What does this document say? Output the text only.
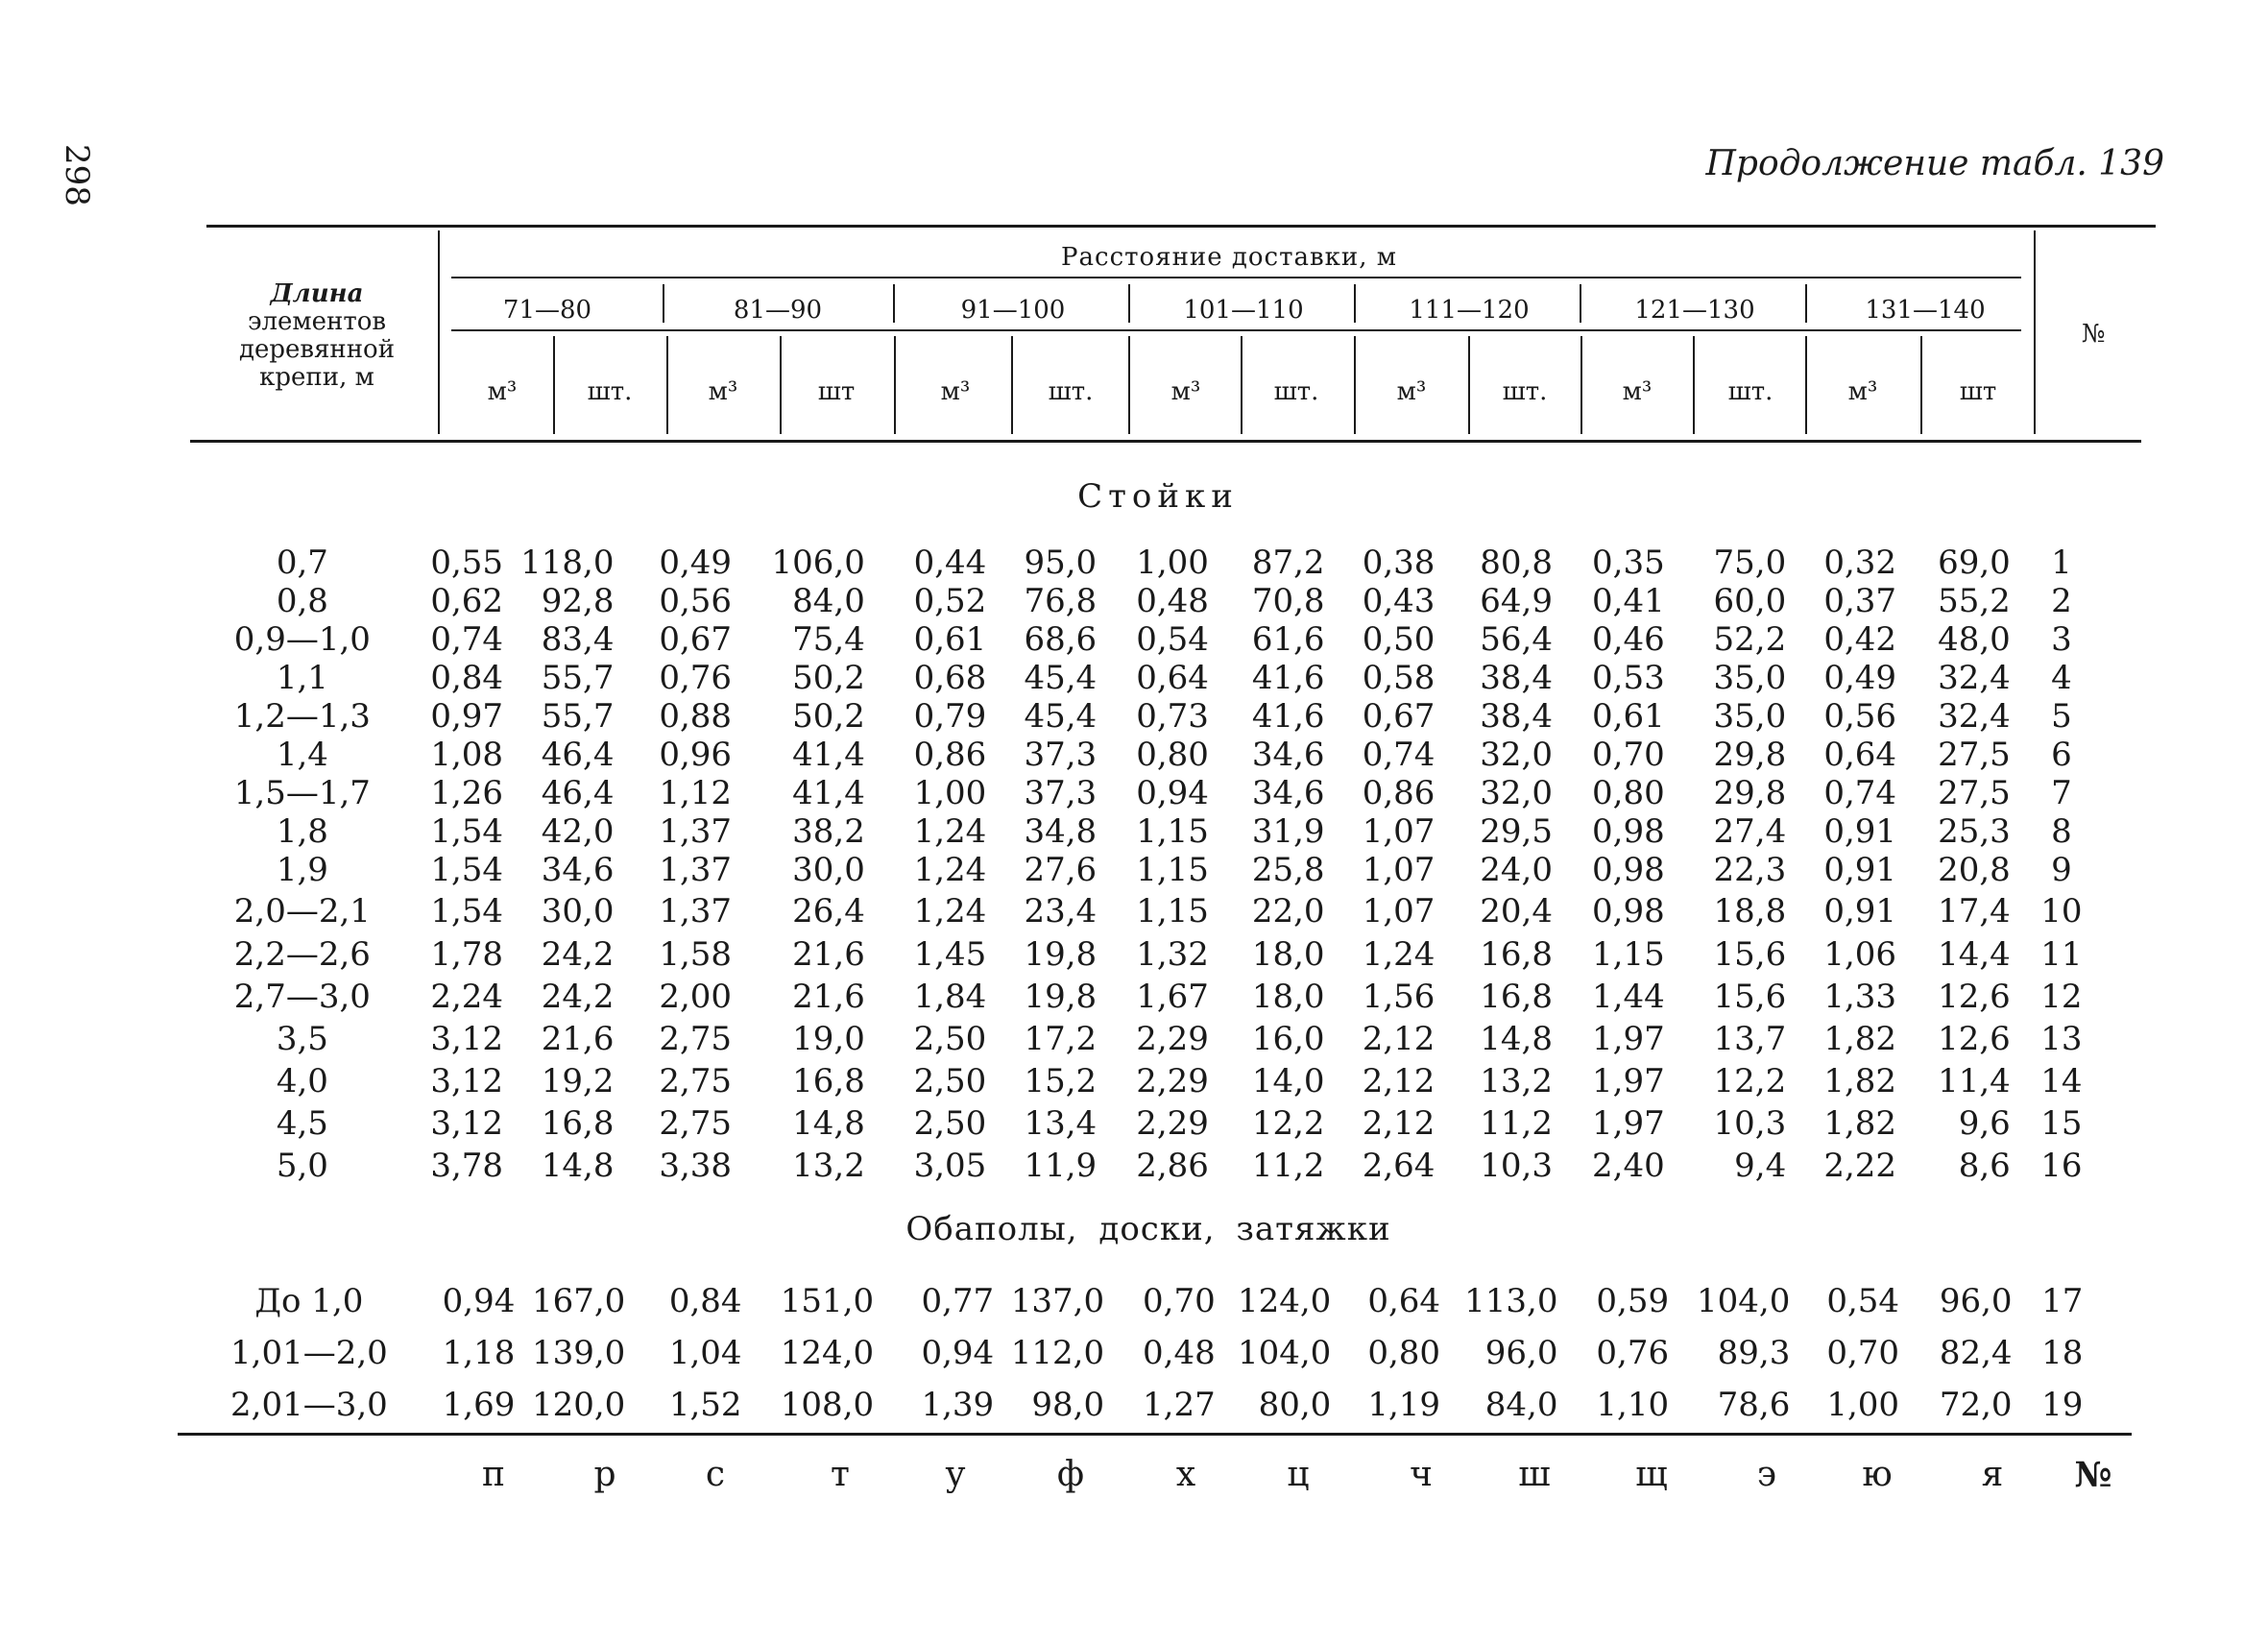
298	Продолжение табл. 139
Длина
элементов
деревянной
крепи, м
Расстояние доставки, м
№
71—80	81—90	91—100	101—110	111—120	121—130	131—140
м³	шт.	м³	шт	м³	шт.	м³	шт.	м³	шт.	м³	шт.	м³	шт
Стойки
0,7	0,55	118,0	0,49	106,0	0,44	95,0	1,00	87,2	0,38	80,8	0,35	75,0	0,32	69,0	1
0,8	0,62	92,8	0,56	84,0	0,52	76,8	0,48	70,8	0,43	64,9	0,41	60,0	0,37	55,2	2
0,9—1,0	0,74	83,4	0,67	75,4	0,61	68,6	0,54	61,6	0,50	56,4	0,46	52,2	0,42	48,0	3
1,1	0,84	55,7	0,76	50,2	0,68	45,4	0,64	41,6	0,58	38,4	0,53	35,0	0,49	32,4	4
1,2—1,3	0,97	55,7	0,88	50,2	0,79	45,4	0,73	41,6	0,67	38,4	0,61	35,0	0,56	32,4	5
1,4	1,08	46,4	0,96	41,4	0,86	37,3	0,80	34,6	0,74	32,0	0,70	29,8	0,64	27,5	6
1,5—1,7	1,26	46,4	1,12	41,4	1,00	37,3	0,94	34,6	0,86	32,0	0,80	29,8	0,74	27,5	7
1,8	1,54	42,0	1,37	38,2	1,24	34,8	1,15	31,9	1,07	29,5	0,98	27,4	0,91	25,3	8
1,9	1,54	34,6	1,37	30,0	1,24	27,6	1,15	25,8	1,07	24,0	0,98	22,3	0,91	20,8	9
2,0—2,1	1,54	30,0	1,37	26,4	1,24	23,4	1,15	22,0	1,07	20,4	0,98	18,8	0,91	17,4	10
2,2—2,6	1,78	24,2	1,58	21,6	1,45	19,8	1,32	18,0	1,24	16,8	1,15	15,6	1,06	14,4	11
2,7—3,0	2,24	24,2	2,00	21,6	1,84	19,8	1,67	18,0	1,56	16,8	1,44	15,6	1,33	12,6	12
3,5	3,12	21,6	2,75	19,0	2,50	17,2	2,29	16,0	2,12	14,8	1,97	13,7	1,82	12,6	13
4,0	3,12	19,2	2,75	16,8	2,50	15,2	2,29	14,0	2,12	13,2	1,97	12,2	1,82	11,4	14
4,5	3,12	16,8	2,75	14,8	2,50	13,4	2,29	12,2	2,12	11,2	1,97	10,3	1,82	9,6	15
5,0	3,78	14,8	3,38	13,2	3,05	11,9	2,86	11,2	2,64	10,3	2,40	9,4	2,22	8,6	16
Обаполы, доски, затяжки
До 1,0	0,94	167,0	0,84	151,0	0,77	137,0	0,70	124,0	0,64	113,0	0,59	104,0	0,54	96,0	17
1,01—2,0	1,18	139,0	1,04	124,0	0,94	112,0	0,48	104,0	0,80	96,0	0,76	89,3	0,70	82,4	18
2,01—3,0	1,69	120,0	1,52	108,0	1,39	98,0	1,27	80,0	1,19	84,0	1,10	78,6	1,00	72,0	19
п	р	с	т	у	ф	х	ц	ч	ш	щ	э	ю	я	№
